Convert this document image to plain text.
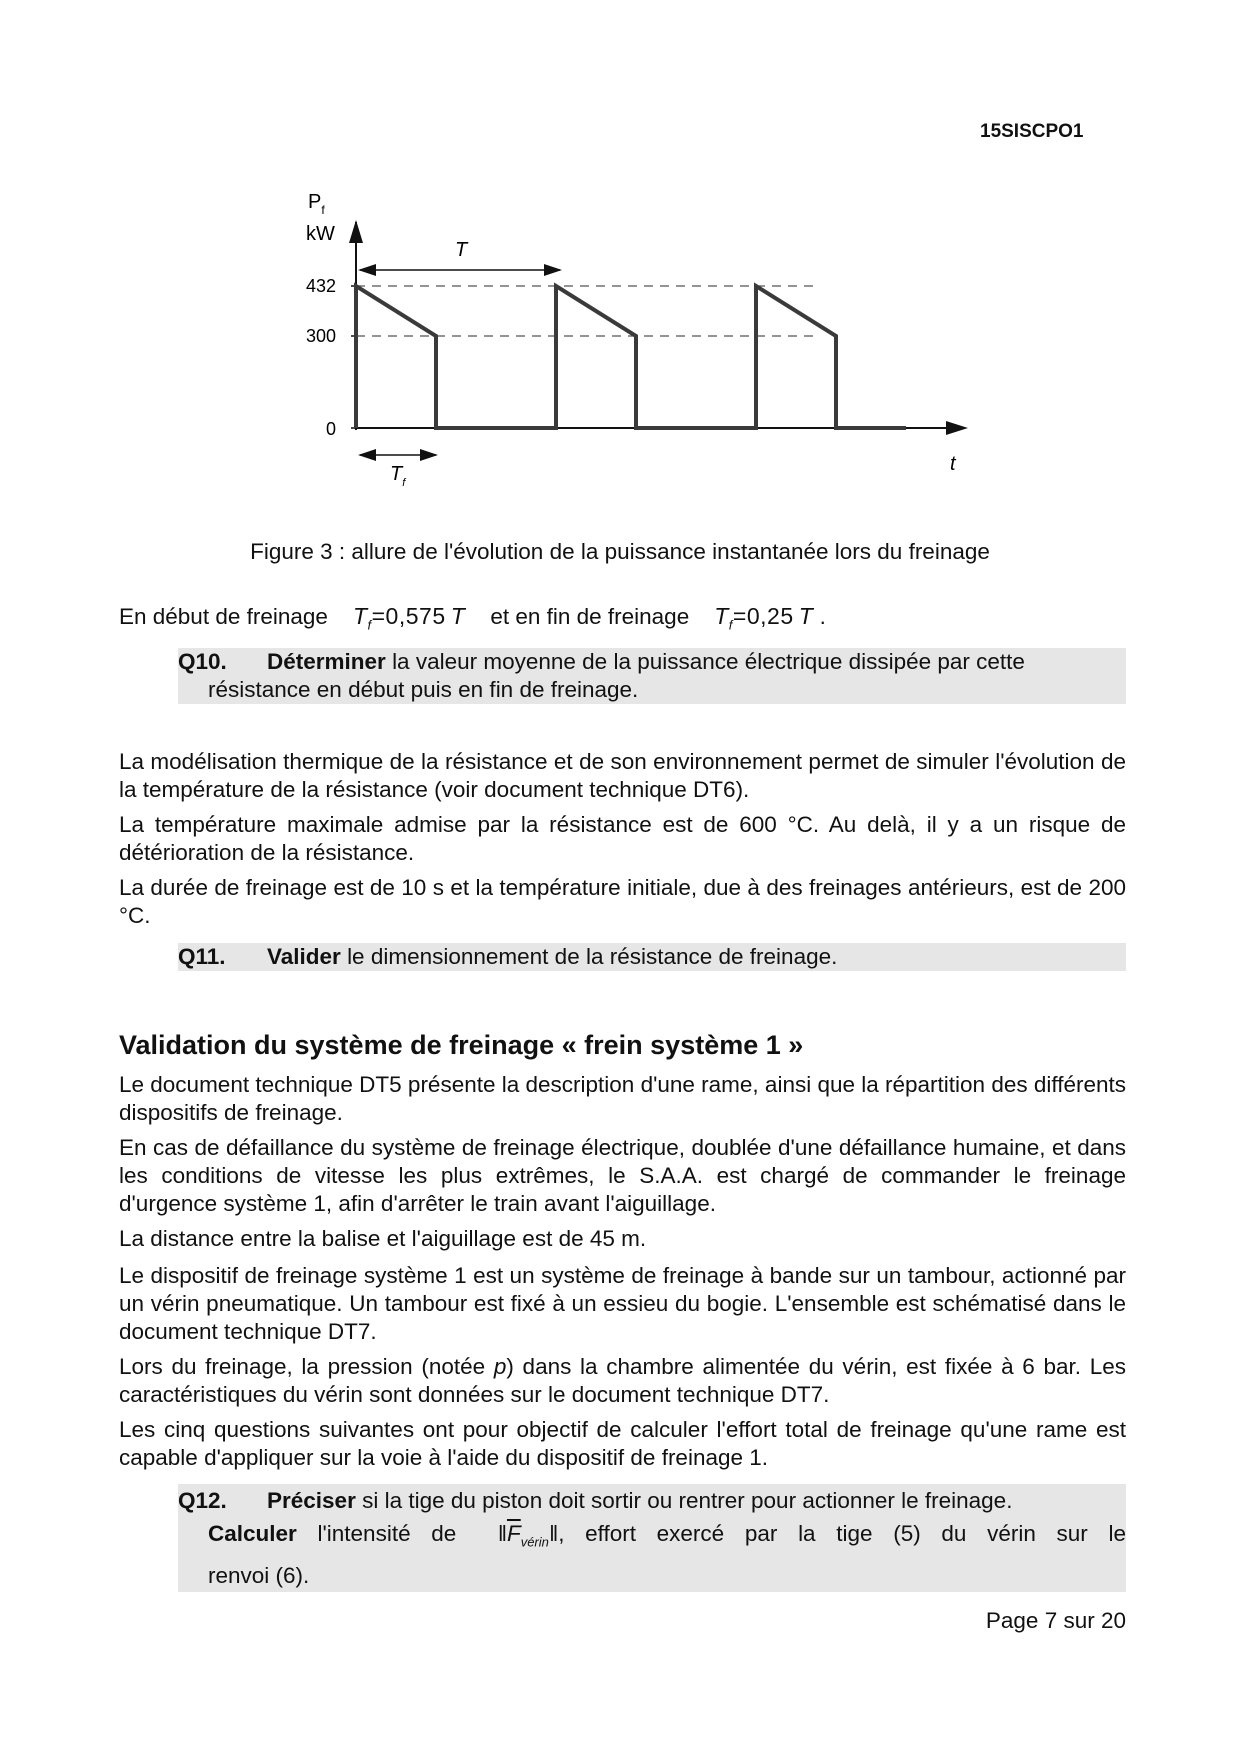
15SISCPO1
$P_f$
kW
432
300
0
T
$T_f$
t
Figure 3 : allure de l'évolution de la puissance instantanée lors du freinage
En début de freinage $T_f=0,575$  T et en fin de freinage $T_f=0,25$  T .
Q10. Déterminer la valeur moyenne de la puissance électrique dissipée par cette
résistance en début puis en fin de freinage.
La modélisation thermique de la résistance et de son environnement permet de simuler l'évolution de la température de la résistance (voir document technique DT6).
La température maximale admise par la résistance est de 600 °C. Au delà, il y a un risque de détérioration de la résistance.
La durée de freinage est de 10 s et la température initiale, due à des freinages antérieurs, est de 200 °C.
Q11. Valider le dimensionnement de la résistance de freinage.
Validation du système de freinage « frein système 1 »
Le document technique DT5 présente la description d'une rame, ainsi que la répartition des différents dispositifs de freinage.
En cas de défaillance du système de freinage électrique, doublée d'une défaillance humaine, et dans les conditions de vitesse les plus extrêmes, le S.A.A. est chargé de commander le freinage d'urgence système 1, afin d'arrêter le train avant l'aiguillage.
La distance entre la balise et l'aiguillage est de 45 m.
Le dispositif de freinage système 1 est un système de freinage à bande sur un tambour, actionné par un vérin pneumatique. Un tambour est fixé à un essieu du bogie. L'ensemble est schématisé dans le document technique DT7.
Lors du freinage, la pression (notée p) dans la chambre alimentée du vérin, est fixée à 6 bar. Les caractéristiques du vérin sont données sur le document technique DT7.
Les cinq questions suivantes ont pour objectif de calculer l'effort total de freinage qu'une rame est capable d'appliquer sur la voie à l'aide du dispositif de freinage 1.
Q12. Préciser si la tige du piston doit sortir ou rentrer pour actionner le freinage.
Calculer l'intensité de $‖\overline{F}_{vérin}‖$, effort exercé par la tige (5) du vérin sur le
renvoi (6).
Page 7 sur 20
